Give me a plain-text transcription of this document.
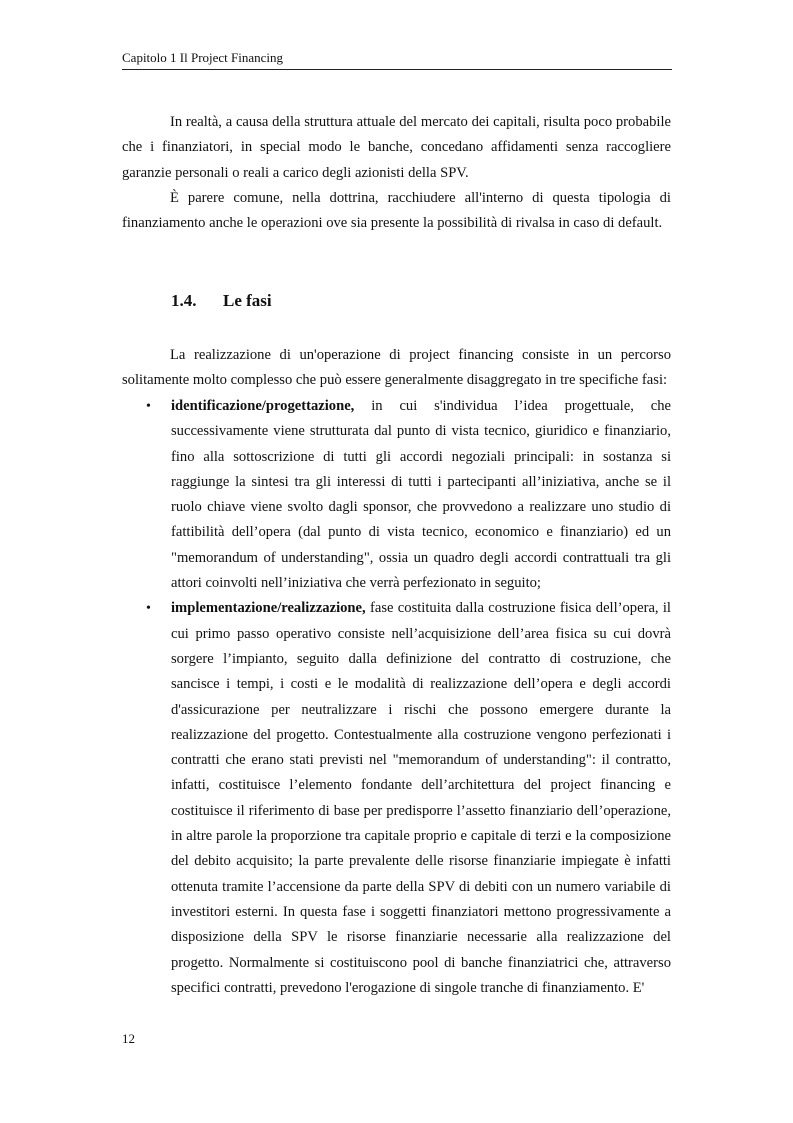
Capitolo 1 Il Project Financing

In realtà, a causa della struttura attuale del mercato dei capitali, risulta poco probabile che i finanziatori, in special modo le banche, concedano affidamenti senza raccogliere garanzie personali o reali a carico degli azionisti della SPV.

È parere comune, nella dottrina, racchiudere all'interno di questa tipologia di finanziamento anche le operazioni ove sia presente la possibilità di rivalsa in caso di default.

1.4. Le fasi

La realizzazione di un'operazione di project financing consiste in un percorso solitamente molto complesso che può essere generalmente disaggregato in tre specifiche fasi:

• identificazione/progettazione, in cui s'individua l’idea progettuale, che successivamente viene strutturata dal punto di vista tecnico, giuridico e finanziario, fino alla sottoscrizione di tutti gli accordi negoziali principali: in sostanza si raggiunge la sintesi tra gli interessi di tutti i partecipanti all’iniziativa, anche se il ruolo chiave viene svolto dagli sponsor, che provvedono a realizzare uno studio di fattibilità dell’opera (dal punto di vista tecnico, economico e finanziario) ed un "memorandum of understanding", ossia un quadro degli accordi contrattuali tra gli attori coinvolti nell’iniziativa che verrà perfezionato in seguito;
• implementazione/realizzazione, fase costituita dalla costruzione fisica dell’opera, il cui primo passo operativo consiste nell’acquisizione dell’area fisica su cui dovrà sorgere l’impianto, seguito dalla definizione del contratto di costruzione, che sancisce i tempi, i costi e le modalità di realizzazione dell’opera e degli accordi d'assicurazione per neutralizzare i rischi che possono emergere durante la realizzazione del progetto. Contestualmente alla costruzione vengono perfezionati i contratti che erano stati previsti nel "memorandum of understanding": il contratto, infatti, costituisce l’elemento fondante dell’architettura del project financing e costituisce il riferimento di base per predisporre l’assetto finanziario dell’operazione, in altre parole la proporzione tra capitale proprio e capitale di terzi e la composizione del debito acquisito; la parte prevalente delle risorse finanziarie impiegate è infatti ottenuta tramite l’accensione da parte della SPV di debiti con un numero variabile di investitori esterni. In questa fase i soggetti finanziatori mettono progressivamente a disposizione della SPV le risorse finanziarie necessarie alla realizzazione del progetto. Normalmente si costituiscono pool di banche finanziatrici che, attraverso specifici contratti, prevedono l'erogazione di singole tranche di finanziamento. E'
12
